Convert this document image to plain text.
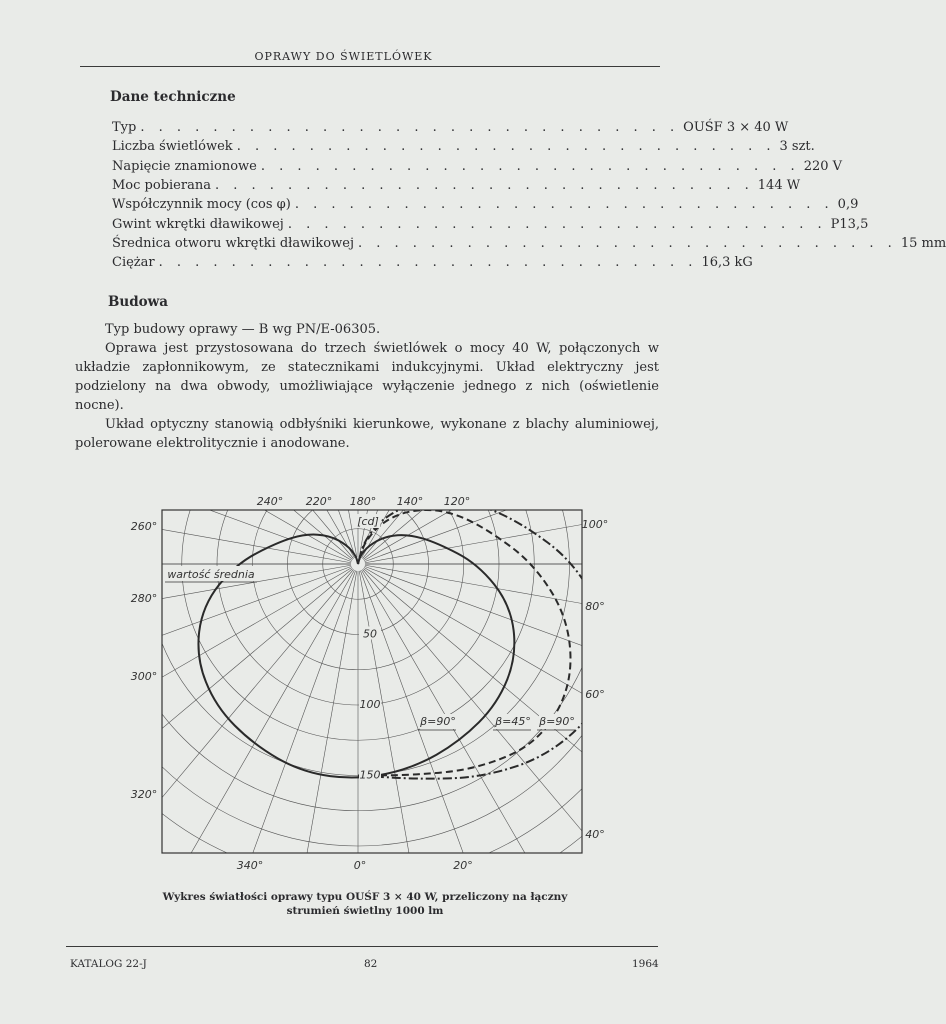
OPRAWY DO ŚWIETLÓWEK
Dane techniczne
Typ . . . . . . . . . . . . . . . . . . . . . . . . . . . . . . OUŚF 3 × 40 W
Liczba świetlówek . . . . . . . . . . . . . . . . . . . . . . . . . . . . . . 3 szt.
Napięcie znamionowe . . . . . . . . . . . . . . . . . . . . . . . . . . . . . . 220 V
Moc pobierana . . . . . . . . . . . . . . . . . . . . . . . . . . . . . . 144 W
Współczynnik mocy (cos φ) . . . . . . . . . . . . . . . . . . . . . . . . . . . . . . 0,9
Gwint wkrętki dławikowej . . . . . . . . . . . . . . . . . . . . . . . . . . . . . . P13,5
Średnica otworu wkrętki dławikowej . . . . . . . . . . . . . . . . . . . . . . . . . . . . . . 15 mm
Ciężar . . . . . . . . . . . . . . . . . . . . . . . . . . . . . . 16,3 kG
Budowa

Typ budowy oprawy — B wg PN/E-06305.

Oprawa jest przystosowana do trzech świetlówek o mocy 40 W, połączonych w układzie zapłonnikowym, ze statecznikami indukcyjnymi. Układ elektryczny jest podzielony na dwa obwody, umożliwiające wyłączenie jednego z nich (oświetlenie nocne).

Układ optyczny stanowią odbłyśniki kierunkowe, wykonane z blachy aluminiowej, polerowane elektrolitycznie i anodowane.

50
100
150
[cd]
240° 220° 180° 140° 120°
260°
280°
300°
320°
100°
80°
60°
40°
340°	0°	20°
wartość średnia
β=90°	β=45° β=90°
Wykres światłości oprawy typu OUŚF 3 × 40 W, przeliczony na łączny
strumień świetlny 1000 lm
KATALOG 22-J	82	1964
